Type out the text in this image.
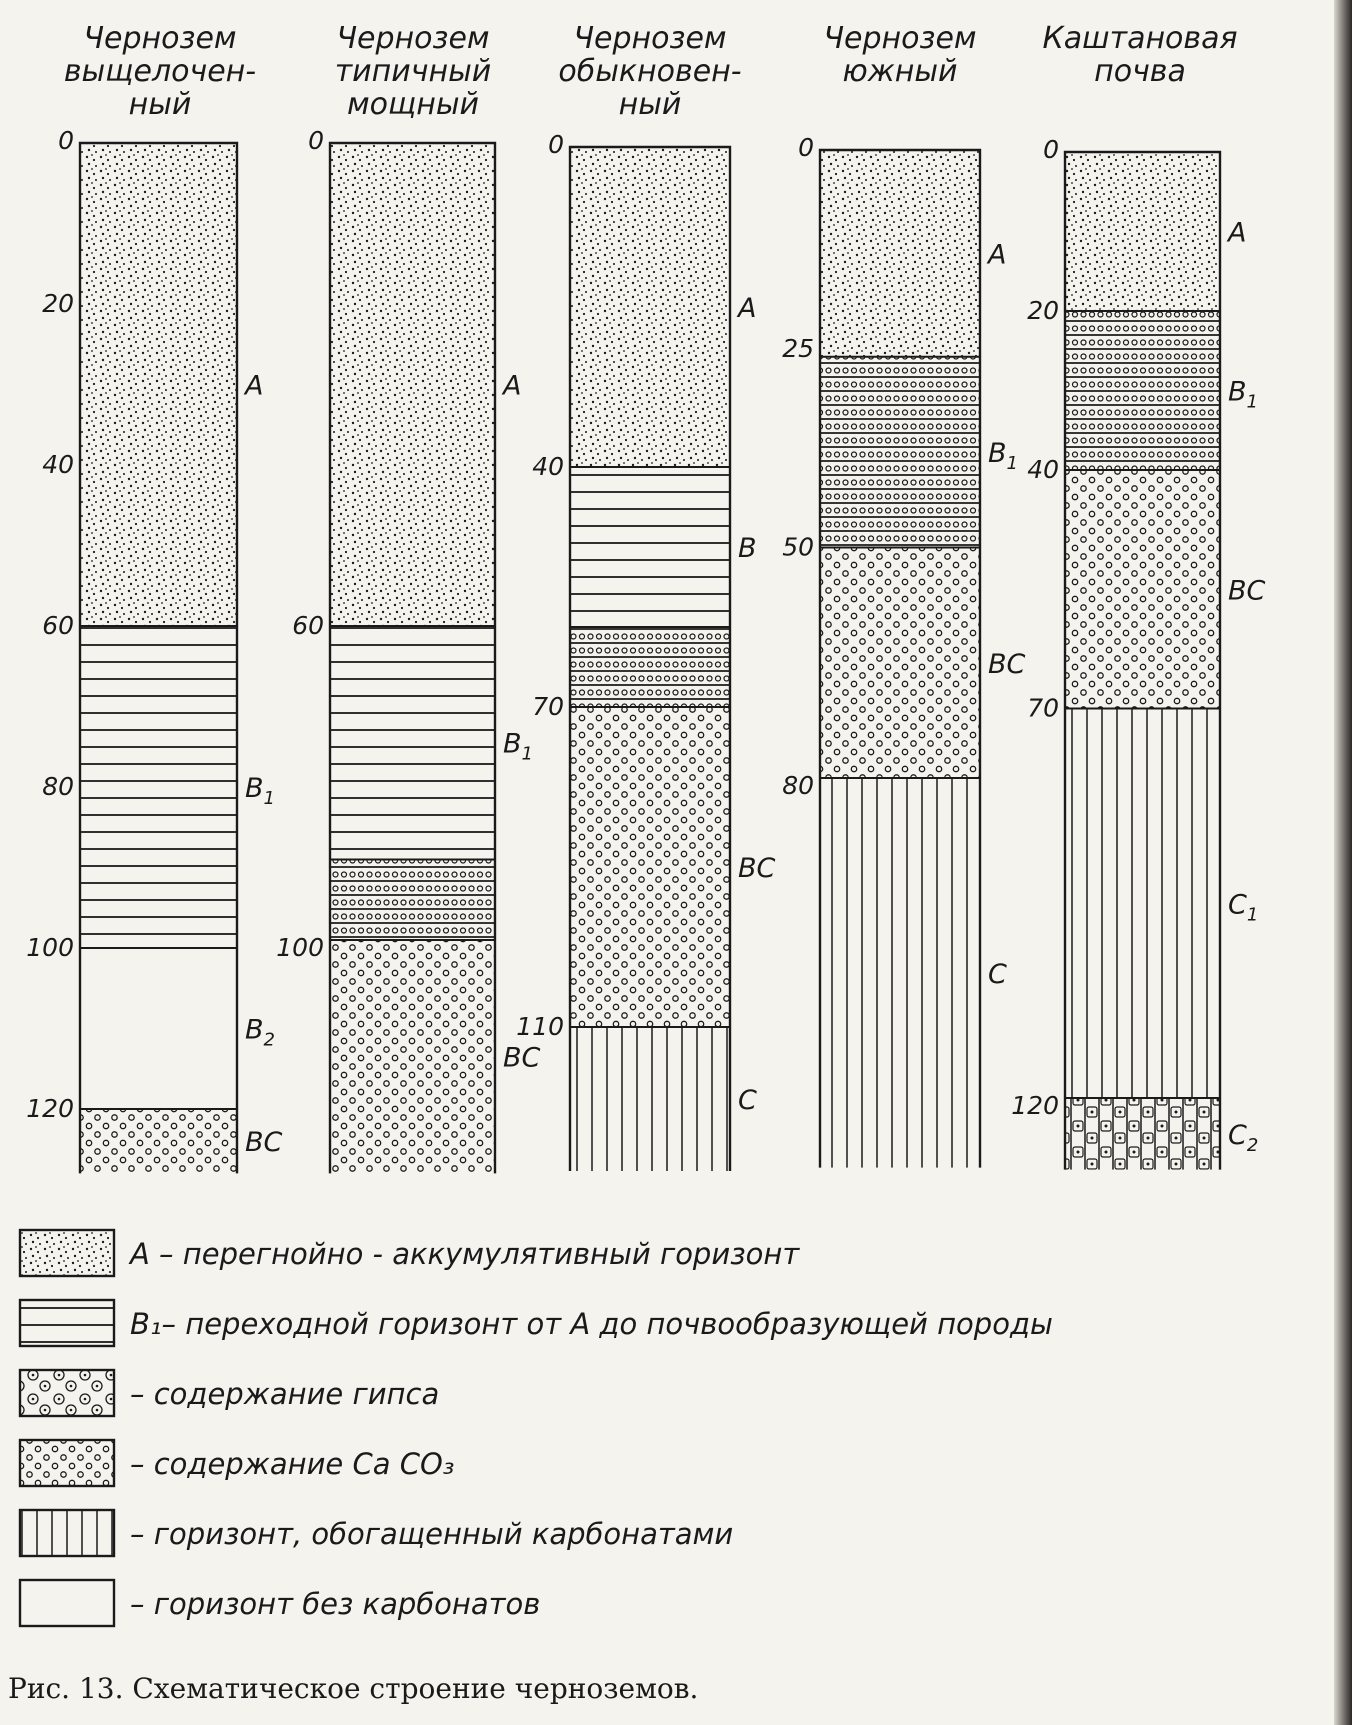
Чернозем
выщелочен-
ный
A
$B_1$
$B_2$
BC
0
20
40
60
80
100
120
Чернозем
типичный
мощный
A
$B_1$
BC
0
60
100
Чернозем
обыкновен-
ный
A
B
BC
C
0
40
70
110
Чернозем
южный
A
$B_1$
BC
C
0
25
50
80
Каштановая
почва
A
$B_1$
BC
$C_1$
$C_2$
0
20
40
70
120
A – перегнойно - аккумулятивный горизонт
B₁– переходной горизонт от A до почвообразующей породы
– содержание гипса
– содержание Ca CO₃
– горизонт, обогащенный карбонатами
– горизонт без карбонатов

Рис. 13. Схематическое строение черноземов.
